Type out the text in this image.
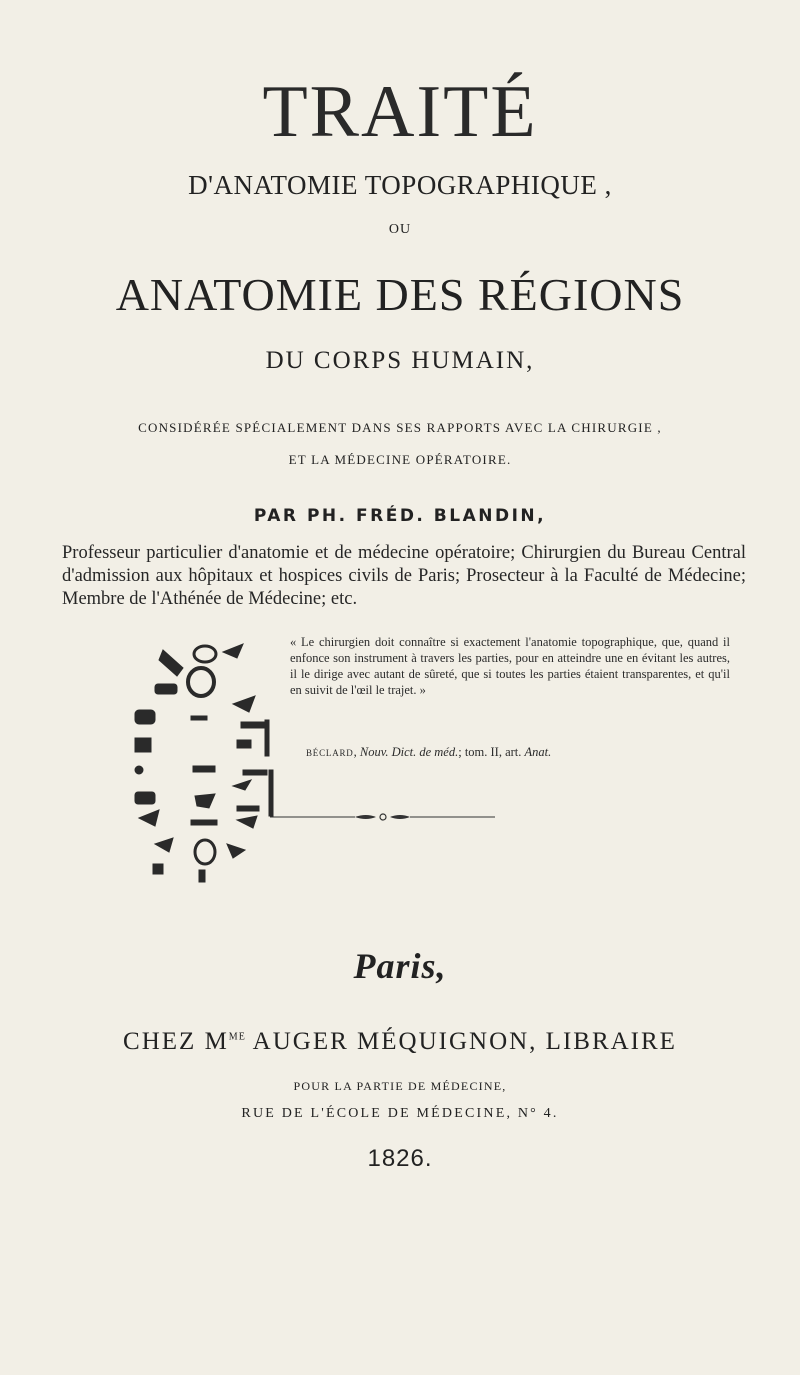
TRAITÉ
D'ANATOMIE TOPOGRAPHIQUE ,
OU
ANATOMIE DES RÉGIONS
DU CORPS HUMAIN,
CONSIDÉRÉE SPÉCIALEMENT DANS SES RAPPORTS AVEC LA CHIRURGIE ,
ET LA MÉDECINE OPÉRATOIRE.
PAR PH. FRÉD. BLANDIN,
Professeur particulier d'anatomie et de médecine opératoire; Chirurgien du Bureau Central d'admission aux hôpitaux et hospices civils de Paris; Prosecteur à la Faculté de Médecine; Membre de l'Athénée de Médecine; etc.
« Le chirurgien doit connaître si exactement l'anatomie topographique, que, quand il enfonce son instrument à travers les parties, pour en atteindre une en évitant les autres, il le dirige avec autant de sûreté, que si toutes les parties étaient transparentes, et qu'il en suivit de l'œil le trajet. »
BÉCLARD, Nouv. Dict. de méd.; tom. II, art. Anat.
Paris,
CHEZ $M^{ME}$ AUGER MÉQUIGNON, LIBRAIRE
POUR LA PARTIE DE MÉDECINE,
RUE DE L'ÉCOLE DE MÉDECINE, N° 4.
1826.
